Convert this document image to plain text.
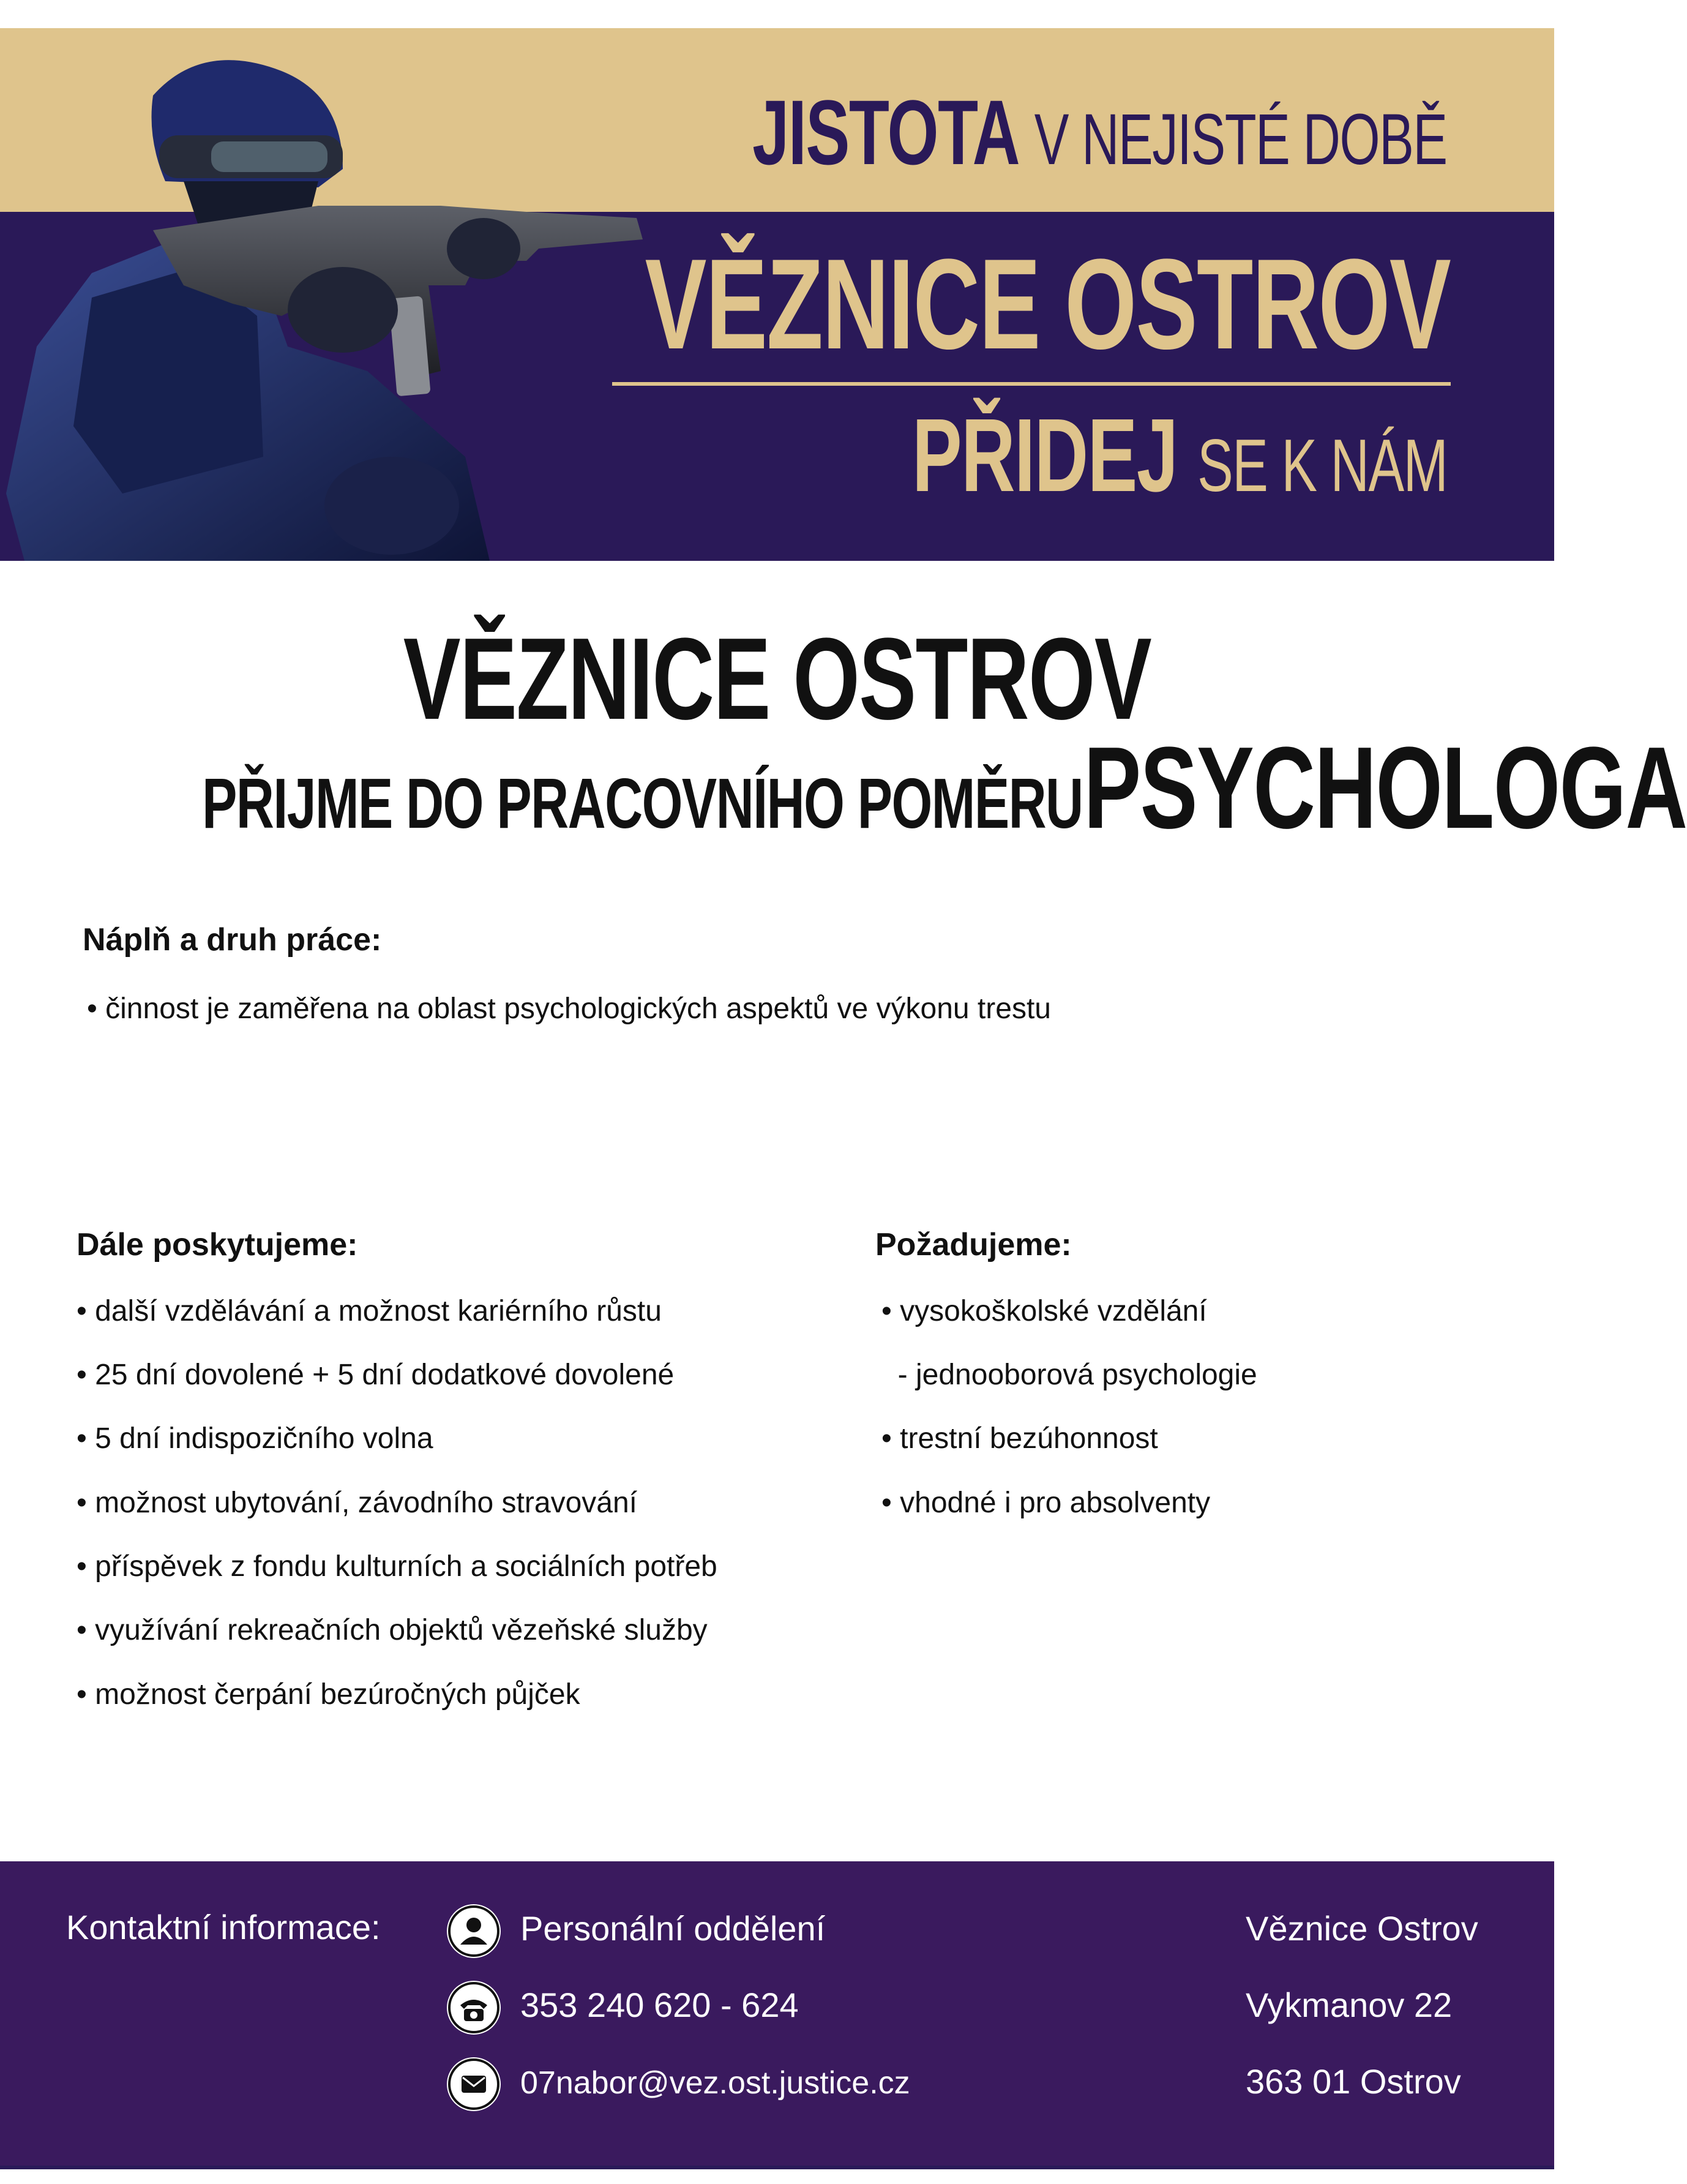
JISTOTA V NEJISTÉ DOBĚ
VĚZNICE OSTROV
PŘIDEJ SE K NÁM
VĚZNICE OSTROV
PŘIJME DO PRACOVNÍHO POMĚRU PSYCHOLOGA
Náplň a druh práce:
• činnost je zaměřena na oblast psychologických aspektů ve výkonu trestu
Dále poskytujeme:
• další vzdělávání a možnost kariérního růstu
• 25 dní dovolené + 5 dní dodatkové dovolené
• 5 dní indispozičního volna
• možnost ubytování, závodního stravování
• příspěvek z fondu kulturních a sociálních potřeb
• využívání rekreačních objektů vězeňské služby
• možnost čerpání bezúročných půjček
Požadujeme:
• vysokoškolské vzdělání
- jednooborová psychologie
• trestní bezúhonnost
• vhodné i pro absolventy
Kontaktní informace:	Personální oddělení
353 240 620 - 624
07nabor@vez.ost.justice.cz
Věznice Ostrov
Vykmanov 22
363 01 Ostrov
